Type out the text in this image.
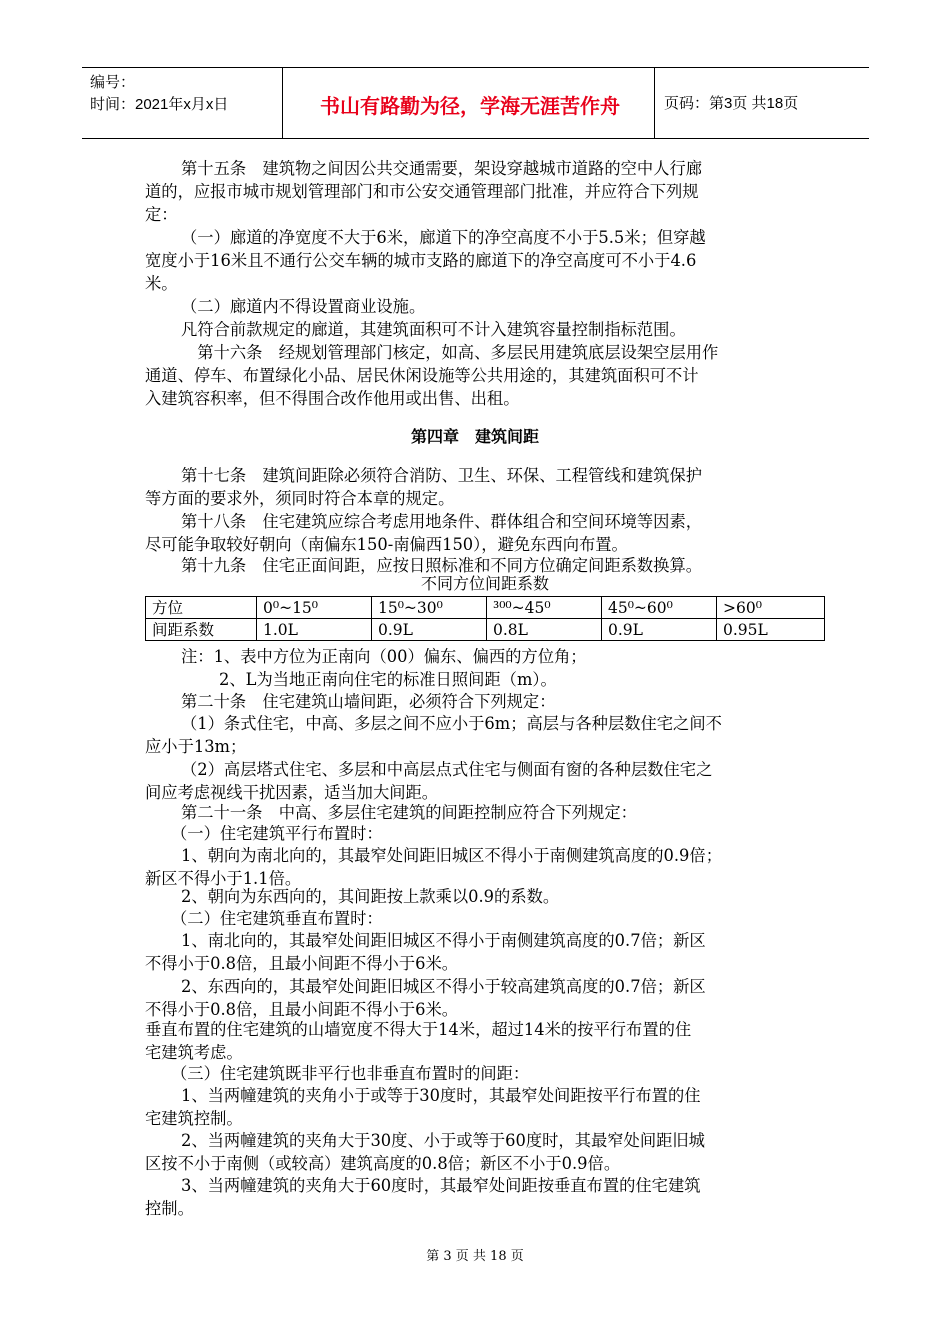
编号：
时间：2021年x月x日	书山有路勤为径，学海无涯苦作舟	页码：第3页 共18页
第十五条　建筑物之间因公共交通需要，架设穿越城市道路的空中人行廊
道的，应报市城市规划管理部门和市公安交通管理部门批准，并应符合下列规
定：
（一）廊道的净宽度不大于6米，廊道下的净空高度不小于5.5米；但穿越
宽度小于16米且不通行公交车辆的城市支路的廊道下的净空高度可不小于4.6
米。
（二）廊道内不得设置商业设施。
凡符合前款规定的廊道，其建筑面积可不计入建筑容量控制指标范围。
　第十六条　经规划管理部门核定，如高、多层民用建筑底层设架空层用作
通道、停车、布置绿化小品、居民休闲设施等公共用途的，其建筑面积可不计
入建筑容积率，但不得围合改作他用或出售、出租。
第四章　建筑间距
第十七条　建筑间距除必须符合消防、卫生、环保、工程管线和建筑保护
等方面的要求外，须同时符合本章的规定。
第十八条　住宅建筑应综合考虑用地条件、群体组合和空间环境等因素，
尽可能争取较好朝向（南偏东150-南偏西150），避免东西向布置。
第十九条　住宅正面间距，应按日照标准和不同方位确定间距系数换算。
不同方位间距系数
方位	0⁰~15⁰	15⁰~30⁰	³⁰⁰~45⁰	45⁰~60⁰	>60⁰
间距系数	1.0L	0.9L	0.8L	0.9L	0.95L
注：1、表中方位为正南向（00）偏东、偏西的方位角；
2、L为当地正南向住宅的标准日照间距（m）。
第二十条　住宅建筑山墙间距，必须符合下列规定：
（1）条式住宅，中高、多层之间不应小于6m；高层与各种层数住宅之间不
应小于13m；
（2）高层塔式住宅、多层和中高层点式住宅与侧面有窗的各种层数住宅之
间应考虑视线干扰因素，适当加大间距。
第二十一条　中高、多层住宅建筑的间距控制应符合下列规定：
（一）住宅建筑平行布置时：
1、朝向为南北向的，其最窄处间距旧城区不得小于南侧建筑高度的0.9倍；
新区不得小于1.1倍。
2、朝向为东西向的，其间距按上款乘以0.9的系数。
（二）住宅建筑垂直布置时：
1、南北向的，其最窄处间距旧城区不得小于南侧建筑高度的0.7倍；新区
不得小于0.8倍，且最小间距不得小于6米。
2、东西向的，其最窄处间距旧城区不得小于较高建筑高度的0.7倍；新区
不得小于0.8倍，且最小间距不得小于6米。
垂直布置的住宅建筑的山墙宽度不得大于14米，超过14米的按平行布置的住
宅建筑考虑。
（三）住宅建筑既非平行也非垂直布置时的间距：
1、当两幢建筑的夹角小于或等于30度时，其最窄处间距按平行布置的住
宅建筑控制。
2、当两幢建筑的夹角大于30度、小于或等于60度时，其最窄处间距旧城
区按不小于南侧（或较高）建筑高度的0.8倍；新区不小于0.9倍。
3、当两幢建筑的夹角大于60度时，其最窄处间距按垂直布置的住宅建筑
控制。
第 3 页 共 18 页
